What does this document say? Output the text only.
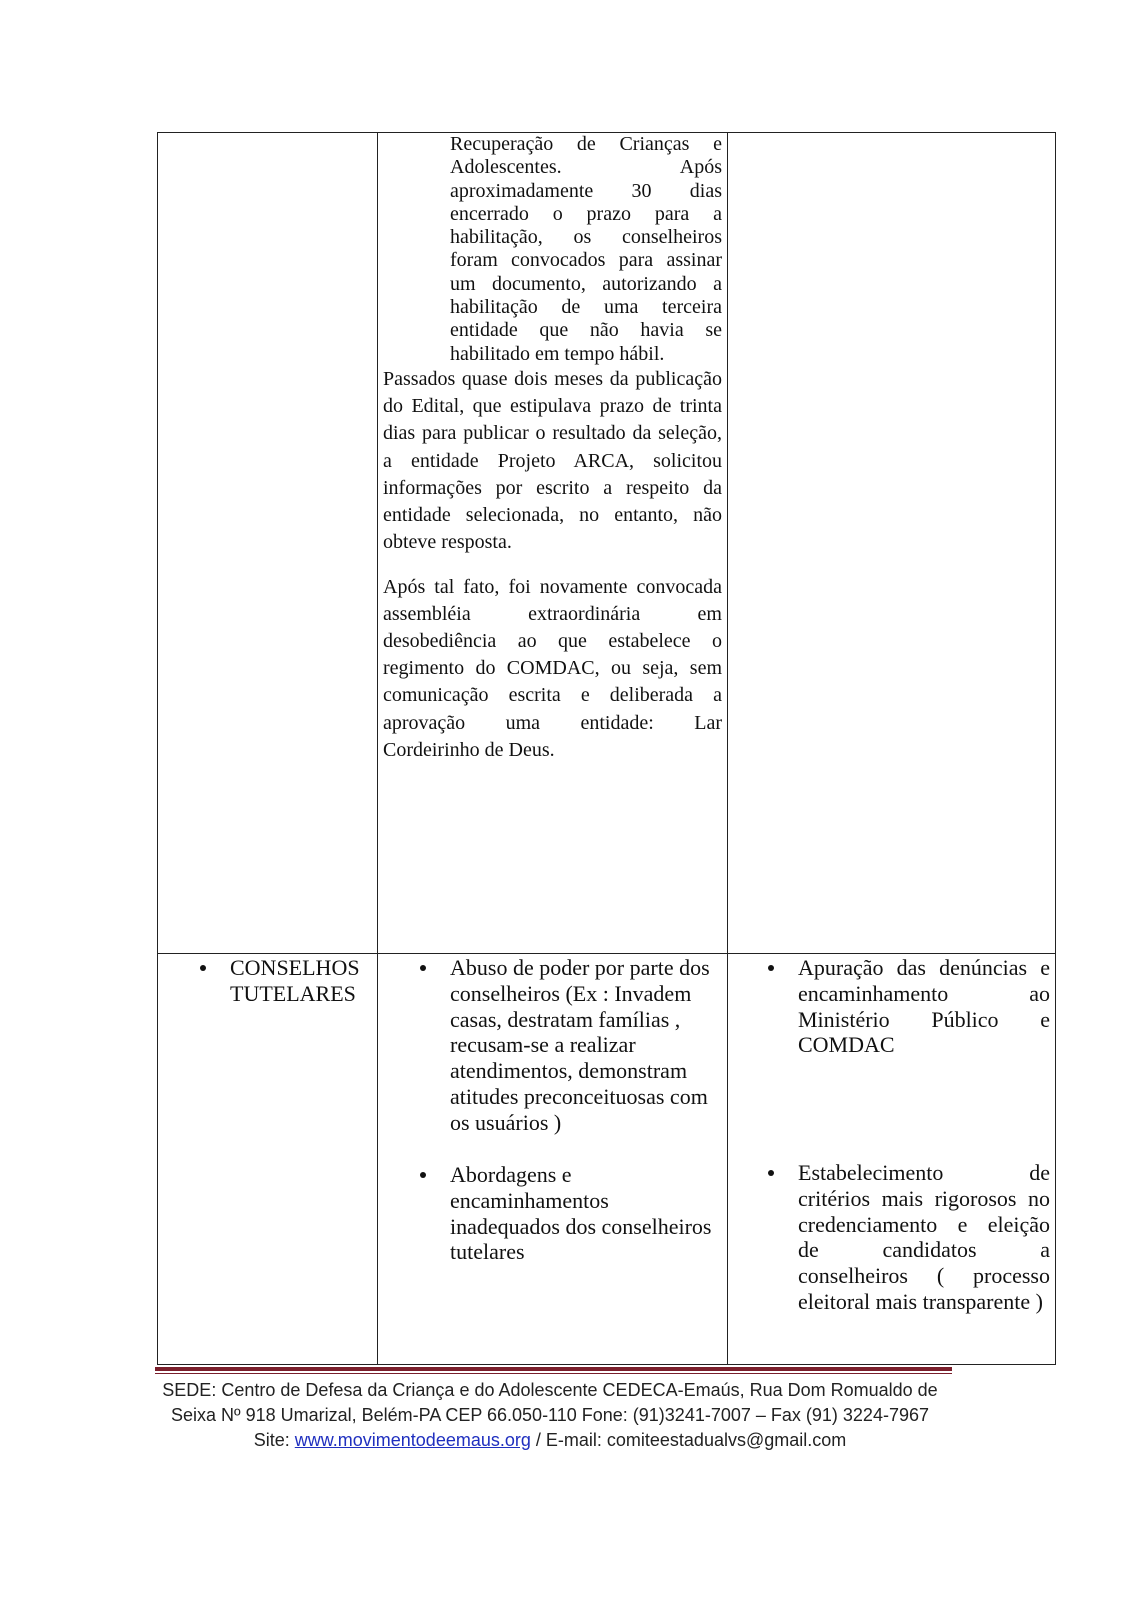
Recuperação de Crianças e
Adolescentes. Após
aproximadamente 30 dias
encerrado o prazo para a
habilitação, os conselheiros
foram convocados para assinar
um documento, autorizando a
habilitação de uma terceira
entidade que não havia se
habilitado em tempo hábil.
Passados quase dois meses da publicação
do Edital, que estipulava prazo de trinta
dias para publicar o resultado da seleção,
a entidade Projeto ARCA, solicitou
informações por escrito a respeito da
entidade selecionada, no entanto, não
obteve resposta.
Após tal fato, foi novamente convocada
assembléia extraordinária em
desobediência ao que estabelece o
regimento do COMDAC, ou seja, sem
comunicação escrita e deliberada a
aprovação uma entidade: Lar
Cordeirinho de Deus.
CONSELHOS
TUTELARES
Abuso de poder por parte dos
conselheiros (Ex : Invadem
casas, destratam famílias ,
recusam-se a realizar
atendimentos, demonstram
atitudes preconceituosas com
os usuários )
Abordagens e
encaminhamentos
inadequados dos conselheiros
tutelares
Apuração das denúncias e
encaminhamento ao
Ministério Público e
COMDAC
Estabelecimento de
critérios mais rigorosos no
credenciamento e eleição
de candidatos a
conselheiros ( processo
eleitoral mais transparente )
SEDE: Centro de Defesa da Criança e do Adolescente CEDECA-Emaús, Rua Dom Romualdo de
Seixa Nº 918 Umarizal, Belém-PA CEP 66.050-110 Fone: (91)3241-7007 – Fax (91) 3224-7967
Site: www.movimentodeemaus.org / E-mail: comiteestadualvs@gmail.com
